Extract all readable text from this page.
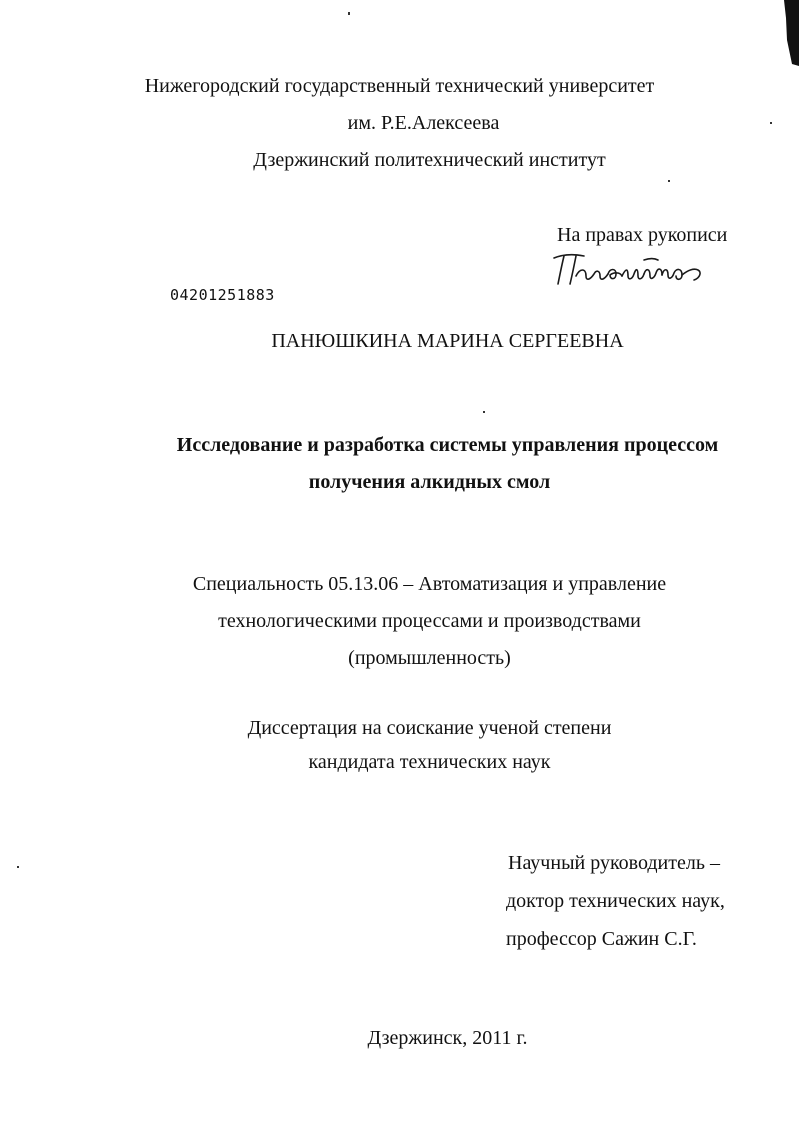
Нижегородский государственный технический университет
им. Р.Е.Алексеева
Дзержинский политехнический институт
На правах рукописи
04201251883
ПАНЮШКИНА МАРИНА СЕРГЕЕВНА
Исследование и разработка системы управления процессом
получения алкидных смол
Специальность 05.13.06 – Автоматизация и управление
технологическими процессами и производствами
(промышленность)
Диссертация на соискание ученой степени
кандидата технических наук
Научный руководитель –
доктор технических наук,
профессор Сажин С.Г.
Дзержинск, 2011 г.
